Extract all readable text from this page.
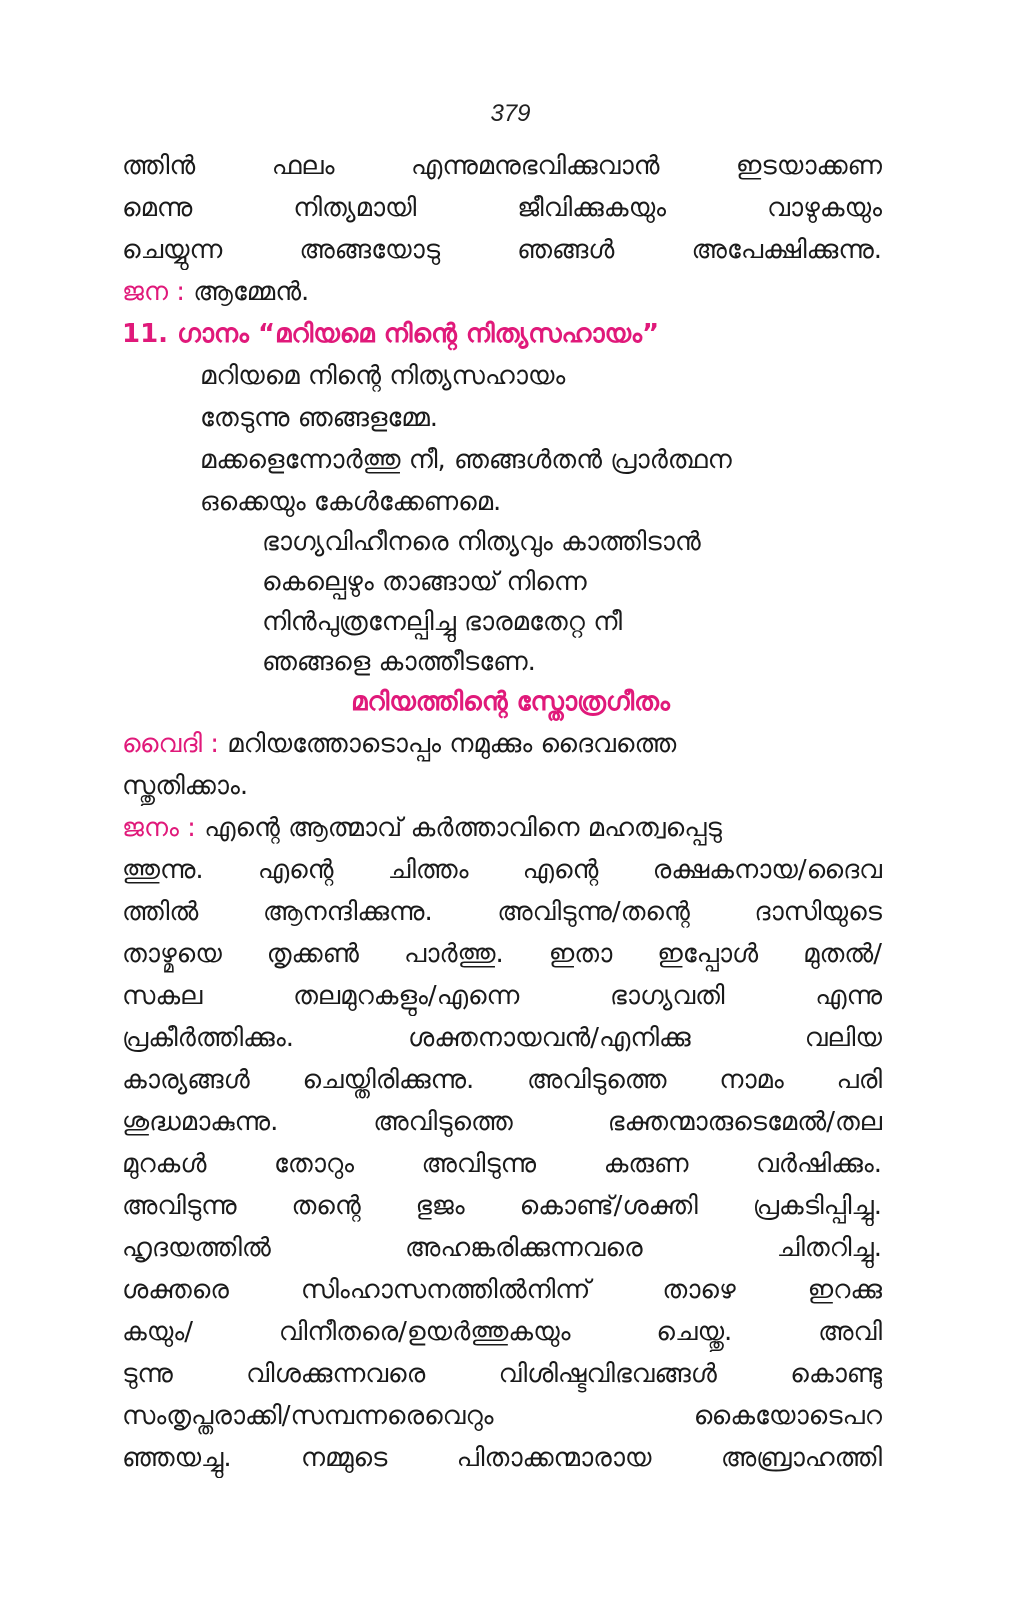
379
ത്തിൻ ഫലം എന്നുമനുഭവിക്കുവാൻ ഇടയാക്കണ
മെന്നു നിത്യമായി ജീവിക്കുകയും വാഴുകയും
ചെയ്യുന്ന അങ്ങയോടു ഞങ്ങൾ അപേക്ഷിക്കുന്നു.
ജന : ആമ്മേൻ.
11. ഗാനം “മറിയമെ നിന്റെ നിത്യസഹായം”
മറിയമെ നിന്റെ നിത്യസഹായം
തേടുന്നു ഞങ്ങളമ്മേ.
മക്കളെന്നോർത്തു നീ, ഞങ്ങൾതൻ പ്രാർത്ഥന
ഒക്കെയും കേൾക്കേണമെ.
ഭാഗ്യവിഹീനരെ നിത്യവും കാത്തിടാൻ
കെല്പെഴും താങ്ങായ് നിന്നെ
നിൻപുത്രനേല്പിച്ചു ഭാരമതേറ്റ നീ
ഞങ്ങളെ കാത്തീടണേ.
മറിയത്തിന്റെ സ്തോത്രഗീതം
വൈദി : മറിയത്തോടൊപ്പം നമുക്കും ദൈവത്തെ
സ്തുതിക്കാം.
ജനം : എന്റെ ആത്മാവ് കർത്താവിനെ മഹത്വപ്പെടു
ത്തുന്നു. എന്റെ ചിത്തം എന്റെ രക്ഷകനായ/ദൈവ
ത്തിൽ ആനന്ദിക്കുന്നു. അവിടുന്നു/തന്റെ ദാസിയുടെ
താഴ്മയെ തൃക്കൺ പാർത്തു. ഇതാ ഇപ്പോൾ മുതൽ/
സകല തലമുറകളും/എന്നെ ഭാഗ്യവതി എന്നു
പ്രകീർത്തിക്കും. ശക്തനായവൻ/എനിക്കു വലിയ
കാര്യങ്ങൾ ചെയ്തിരിക്കുന്നു. അവിടുത്തെ നാമം പരി
ശുദ്ധമാകുന്നു. അവിടുത്തെ ഭക്തന്മാരുടെമേൽ/തല
മുറകൾ തോറും അവിടുന്നു കരുണ വർഷിക്കും.
അവിടുന്നു തന്റെ ഭുജം കൊണ്ട്/ശക്തി പ്രകടിപ്പിച്ചു.
ഹൃദയത്തിൽ അഹങ്കരിക്കുന്നവരെ ചിതറിച്ചു.
ശക്തരെ സിംഹാസനത്തിൽനിന്ന് താഴെ ഇറക്കു
കയും/ വിനീതരെ/ഉയർത്തുകയും ചെയ്തു. അവി
ടുന്നു വിശക്കുന്നവരെ വിശിഷ്ടവിഭവങ്ങൾ കൊണ്ടു
സംതൃപ്തരാക്കി/സമ്പന്നരെവെറും കൈയോടെപറ
ഞ്ഞയച്ചു. നമ്മുടെ പിതാക്കന്മാരായ അബ്രാഹത്തി
